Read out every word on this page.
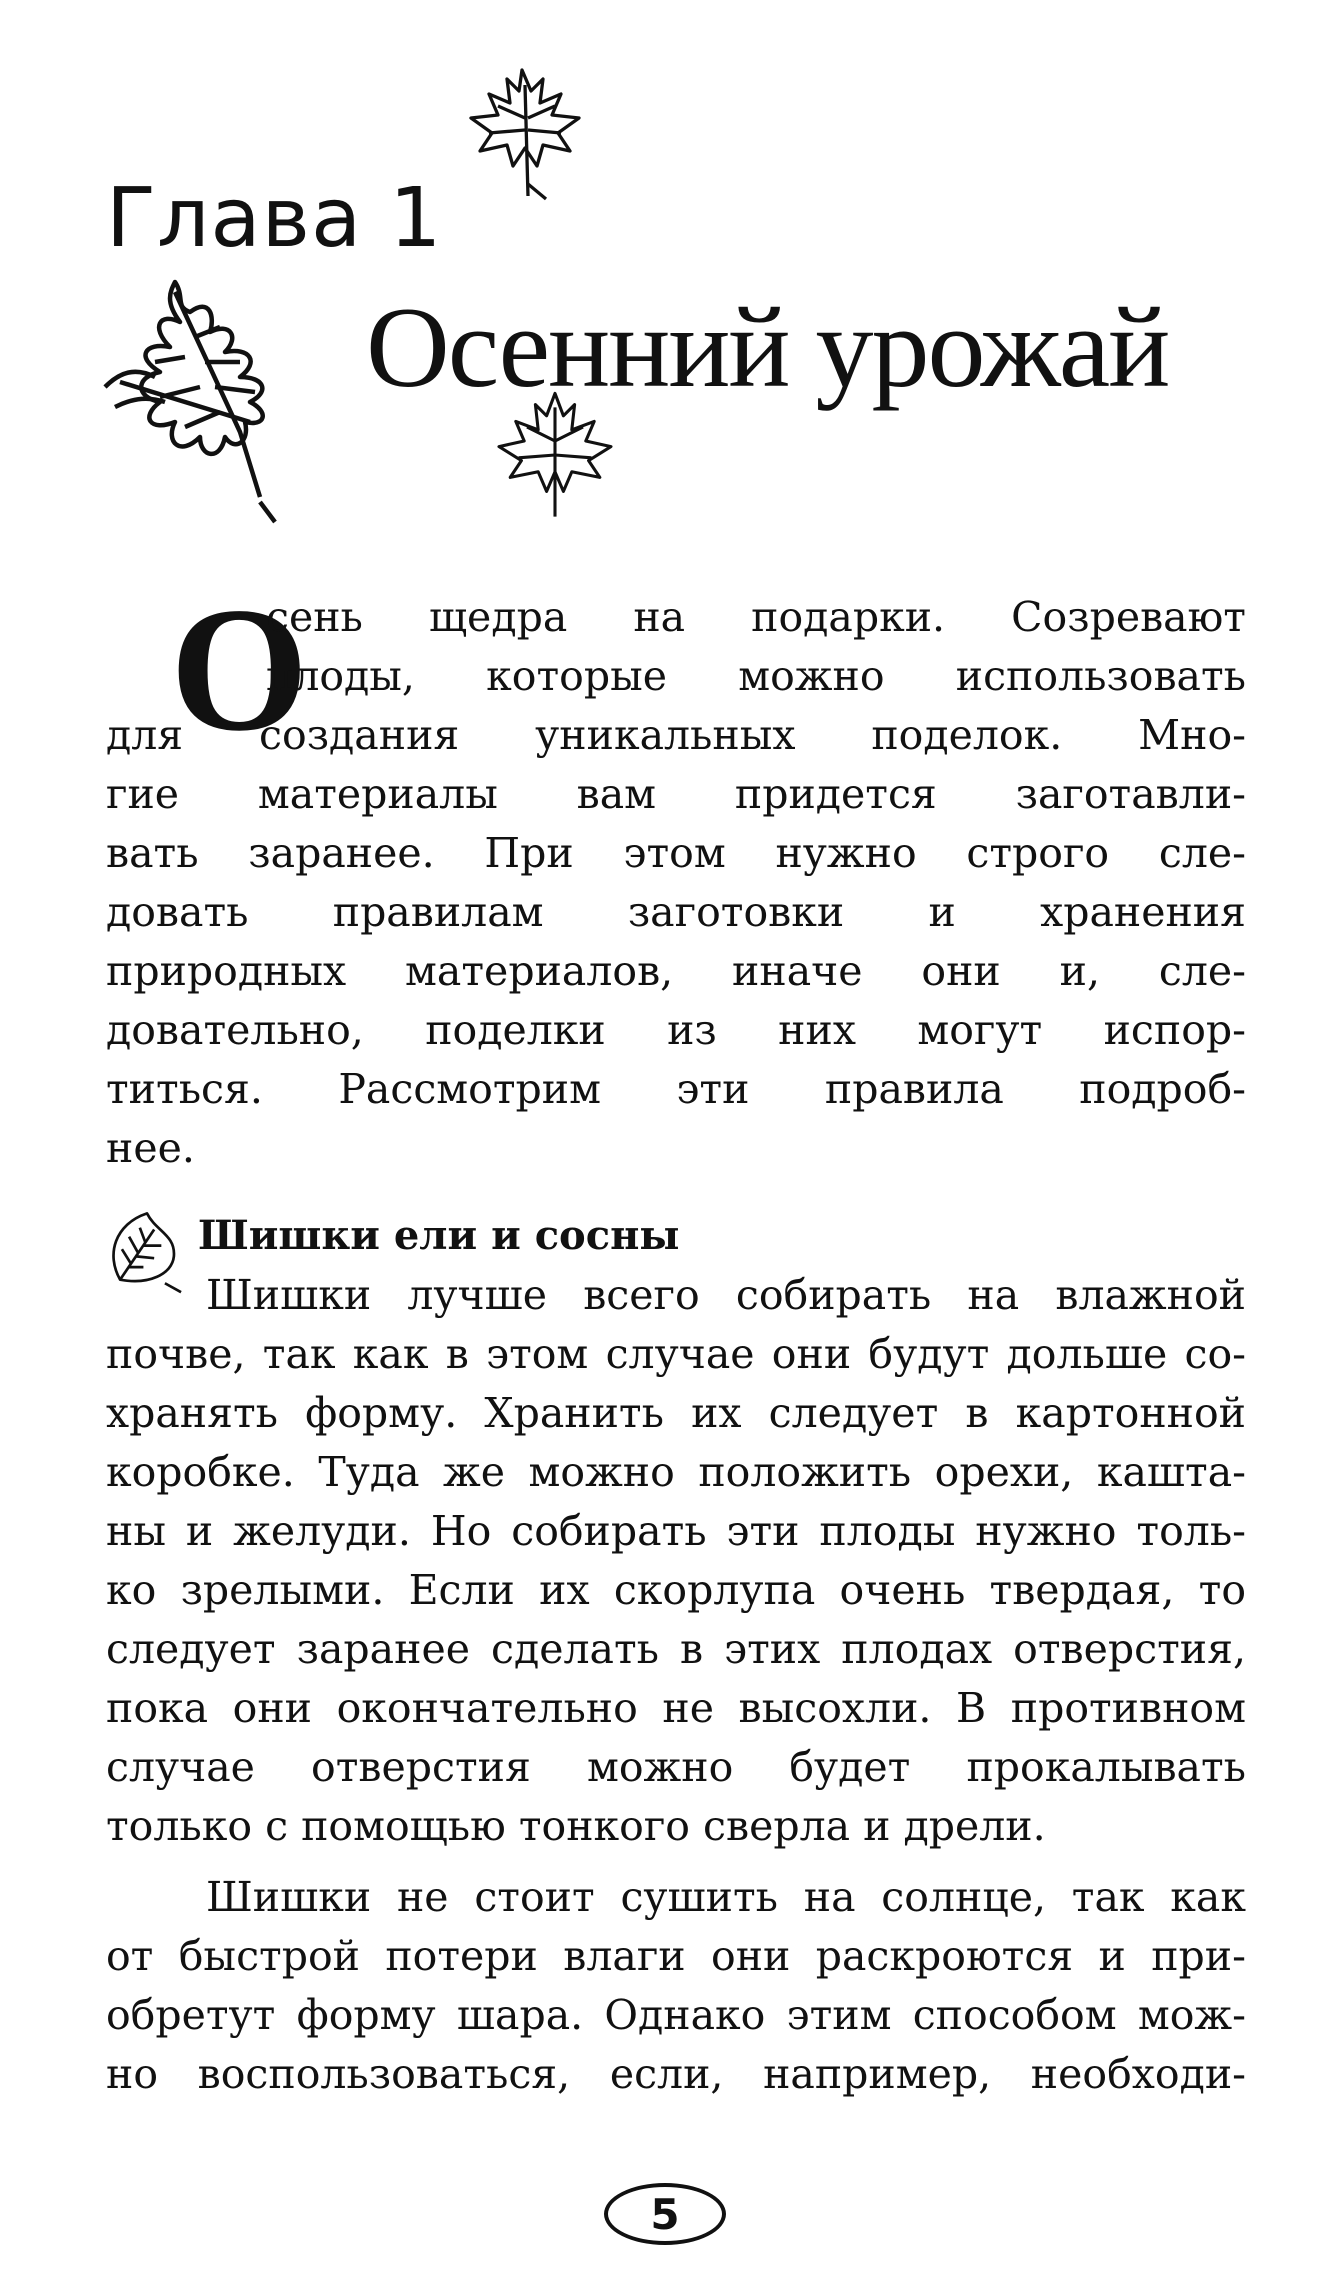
Глава 1
Осенний урожай
О
сень щедра на подарки. Созревают
плоды, которые можно использовать
для создания уникальных поделок. Мно-
гие материалы вам придется заготавли-
вать заранее. При этом нужно строго сле-
довать правилам заготовки и хранения
природных материалов, иначе они и, сле-
довательно, поделки из них могут испор-
титься. Рассмотрим эти правила подроб-
нее.
Шишки ели и сосны
Шишки лучше всего собирать на влажной
почве, так как в этом случае они будут дольше со-
хранять форму. Хранить их следует в картонной
коробке. Туда же можно положить орехи, кашта-
ны и желуди. Но собирать эти плоды нужно толь-
ко зрелыми. Если их скорлупа очень твердая, то
следует заранее сделать в этих плодах отверстия,
пока они окончательно не высохли. В противном
случае отверстия можно будет прокалывать
только с помощью тонкого сверла и дрели.
Шишки не стоит сушить на солнце, так как
от быстрой потери влаги они раскроются и при-
обретут форму шара. Однако этим способом мож-
но воспользоваться, если, например, необходи-
5
